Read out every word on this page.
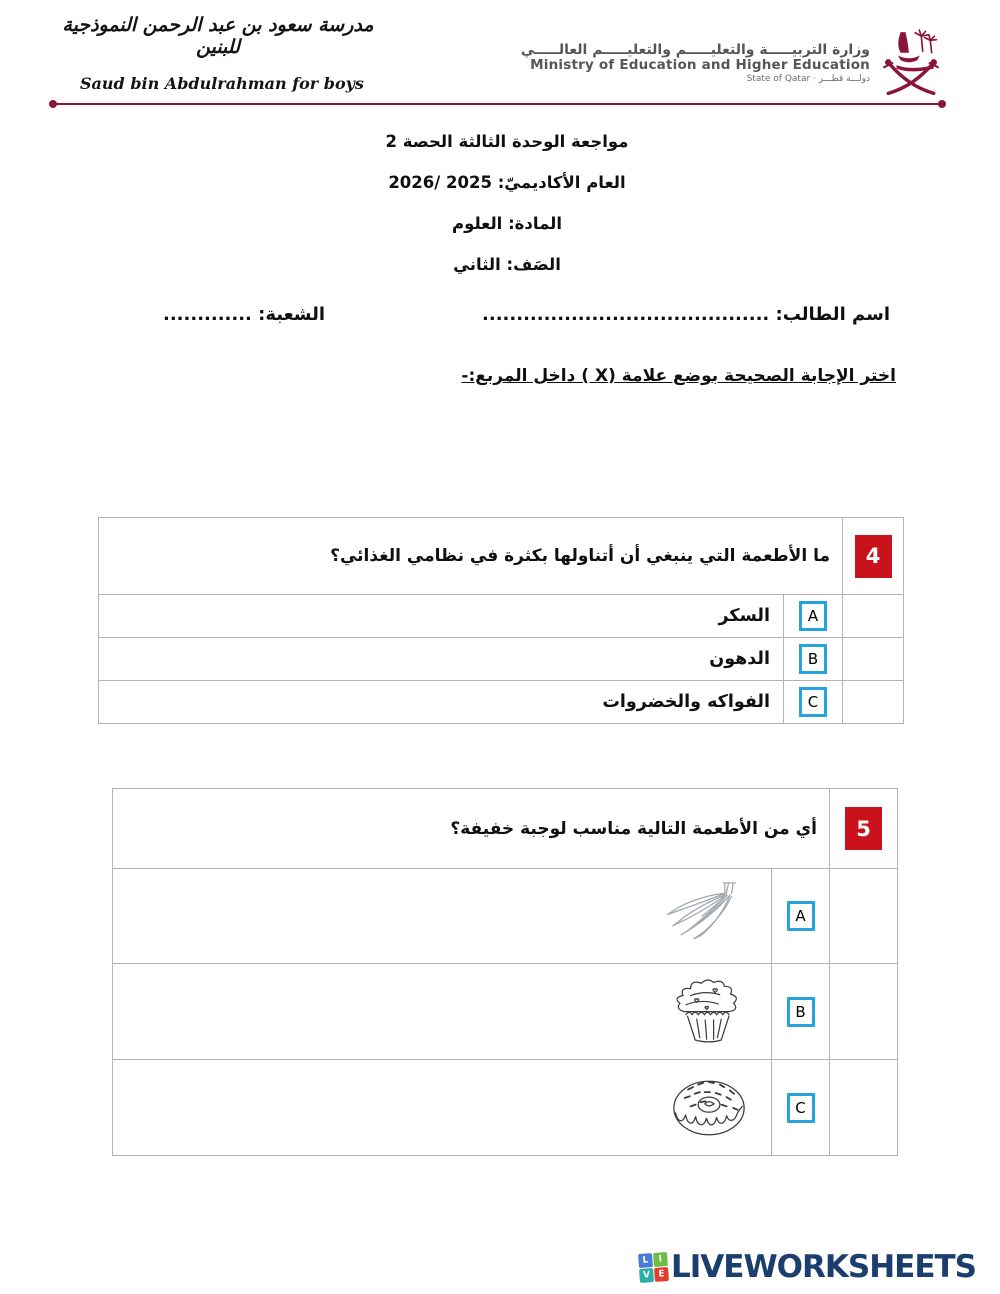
مدرسة سعود بن عبد الرحمن النموذجية للبنين
Saud bin Abdulrahman for boys
وزارة التربيـــــة والتعليـــــم والتعليـــــم العالـــــي
Ministry of Education and Higher Education
دولـــة قطـــر · State of Qatar
مواجعة الوحدة الثالثة الحصة 2
العام الأكاديميّ: 2025 /2026
المادة: العلوم
الصَف: الثاني
اسم الطالب: ..........................................
الشعبة: .............
اختر الإجابة الصحيحة بوضع علامة (X ) داخل المربع:-
ما الأطعمة التي ينبغي أن أتناولها بكثرة في نظامي الغذائي؟		4

السكر	A	

الدهون	B	

الفواكه والخضروات	C	

أي من الأطعمة التالية مناسب لوجبة خفيفة؟		5

A	

B	

C	

L	I
V E LIVEWORKSHEETS
